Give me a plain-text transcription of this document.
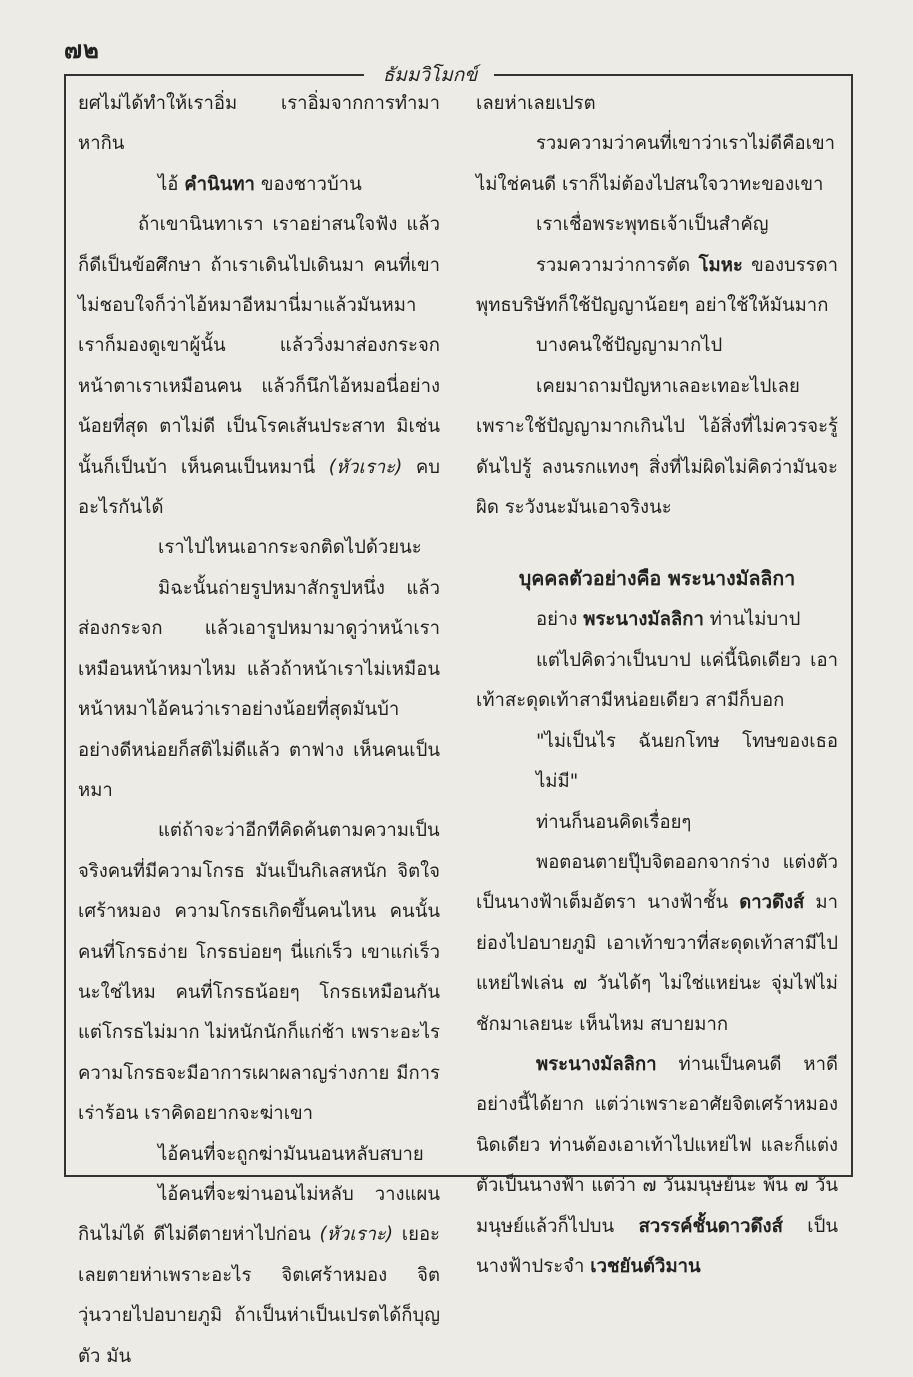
๗๒
ธัมมวิโมกข์

ยศไม่ได้ทำให้เราอิ่ม เราอิ่มจากการทำมาหากิน

ไอ้ คำนินทา ของชาวบ้าน

ถ้าเขานินทาเรา เราอย่าสนใจฟัง แล้วก็ดีเป็นข้อศึกษา ถ้าเราเดินไปเดินมา คนที่เขาไม่ชอบใจก็ว่าไอ้หมาอีหมานี่มาแล้วมันหมา เราก็มองดูเขาผู้นั้น แล้ววิ่งมาส่องกระจก หน้าตาเราเหมือนคน แล้วก็นึกไอ้หมอนี่อย่างน้อยที่สุด ตาไม่ดี เป็นโรคเส้นประสาท มิเช่นนั้นก็เป็นบ้า เห็นคนเป็นหมานี่ (หัวเราะ) คบอะไรกันได้

เราไปไหนเอากระจกติดไปด้วยนะ

มิฉะนั้นถ่ายรูปหมาสักรูปหนึ่ง แล้วส่องกระจก แล้วเอารูปหมามาดูว่าหน้าเราเหมือนหน้าหมาไหม แล้วถ้าหน้าเราไม่เหมือนหน้าหมาไอ้คนว่าเราอย่างน้อยที่สุดมันบ้า อย่างดีหน่อยก็สติไม่ดีแล้ว ตาฟาง เห็นคนเป็นหมา

แต่ถ้าจะว่าอีกทีคิดค้นตามความเป็นจริงคนที่มีความโกรธ มันเป็นกิเลสหนัก จิตใจเศร้าหมอง ความโกรธเกิดขึ้นคนไหน คนนั้นคนที่โกรธง่าย โกรธบ่อยๆ นี่แก่เร็ว เขาแก่เร็วนะใช่ไหม คนที่โกรธน้อยๆ โกรธเหมือนกัน แต่โกรธไม่มาก ไม่หนักนักก็แก่ช้า เพราะอะไรความโกรธจะมีอาการเผาผลาญร่างกาย มีการเร่าร้อน เราคิดอยากจะฆ่าเขา

ไอ้คนที่จะถูกฆ่ามันนอนหลับสบาย

ไอ้คนที่จะฆ่านอนไม่หลับ วางแผน กินไม่ได้ ดีไม่ดีตายห่าไปก่อน (หัวเราะ) เยอะเลยตายห่าเพราะอะไร จิตเศร้าหมอง จิตวุ่นวายไปอบายภูมิ ถ้าเป็นห่าเป็นเปรตได้ก็บุญตัว มัน

เลยห่าเลยเปรต

รวมความว่าคนที่เขาว่าเราไม่ดีคือเขาไม่ใช่คนดี เราก็ไม่ต้องไปสนใจวาทะของเขา

เราเชื่อพระพุทธเจ้าเป็นสำคัญ

รวมความว่าการตัด โมหะ ของบรรดาพุทธบริษัทก็ใช้ปัญญาน้อยๆ อย่าใช้ให้มันมาก

บางคนใช้ปัญญามากไป

เคยมาถามปัญหาเลอะเทอะไปเลยเพราะใช้ปัญญามากเกินไป ไอ้สิ่งที่ไม่ควรจะรู้ดันไปรู้ ลงนรกแทงๆ สิ่งที่ไม่ผิดไม่คิดว่ามันจะผิด ระวังนะมันเอาจริงนะ

บุคคลตัวอย่างคือ พระนางมัลลิกา

อย่าง พระนางมัลลิกา ท่านไม่บาป

แต่ไปคิดว่าเป็นบาป แค่นี้นิดเดียว เอาเท้าสะดุดเท้าสามีหน่อยเดียว สามีก็บอก

"ไม่เป็นไร ฉันยกโทษ โทษของเธอไม่มี"

ท่านก็นอนคิดเรื่อยๆ

พอตอนตายปุ๊บจิตออกจากร่าง แต่งตัวเป็นนางฟ้าเต็มอัตรา นางฟ้าชั้น ดาวดึงส์ มาย่องไปอบายภูมิ เอาเท้าขวาที่สะดุดเท้าสามีไปแหย่ไฟเล่น ๗ วันได้ๆ ไม่ใช่แหย่นะ จุ่มไฟไม่ชักมาเลยนะ เห็นไหม สบายมาก

พระนางมัลลิกา ท่านเป็นคนดี หาดีอย่างนี้ได้ยาก แต่ว่าเพราะอาศัยจิตเศร้าหมองนิดเดียว ท่านต้องเอาเท้าไปแหย่ไฟ และก็แต่งตัวเป็นนางฟ้า แต่ว่า ๗ วันมนุษย์นะ พ้น ๗ วันมนุษย์แล้วก็ไปบน สวรรค์ชั้นดาวดึงส์ เป็นนางฟ้าประจำ เวชยันต์วิมาน
